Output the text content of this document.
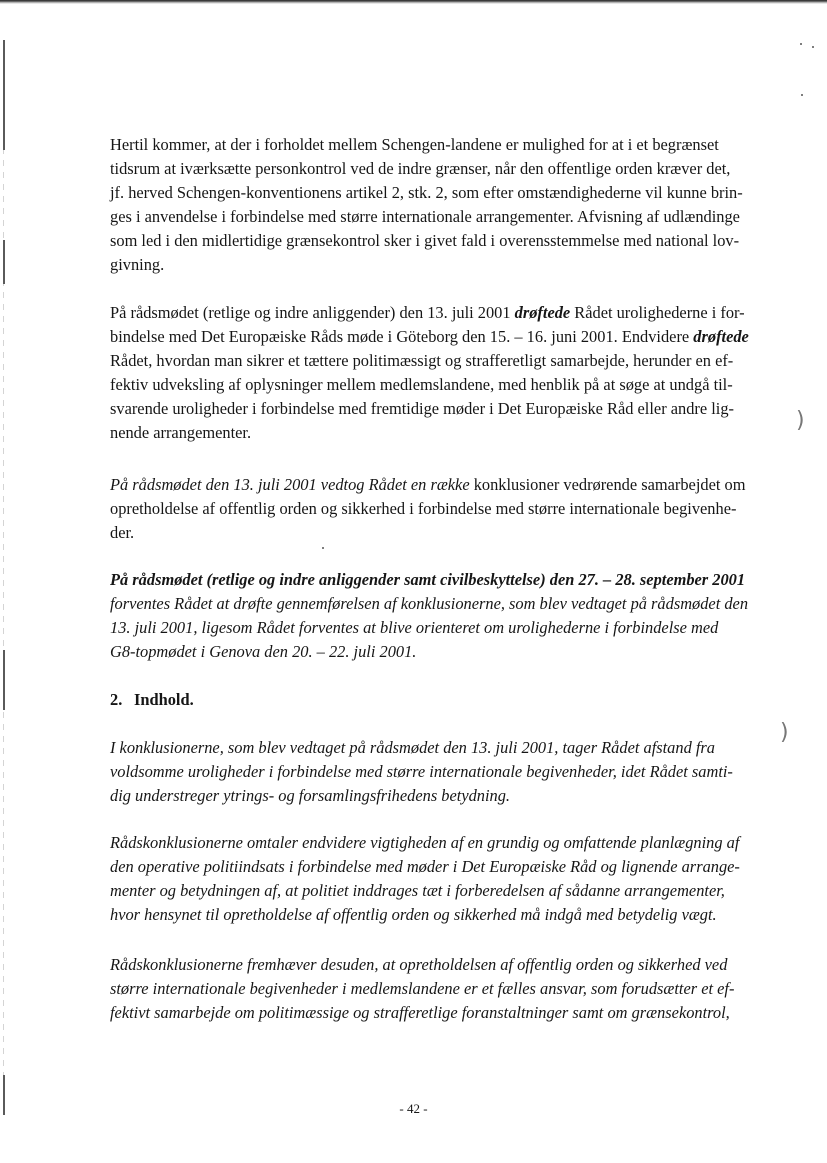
)
)

Hertil kommer, at der i forholdet mellem Schengen-landene er mulighed for at i et begrænset

tidsrum at iværksætte personkontrol ved de indre grænser, når den offentlige orden kræver det,

jf. herved Schengen-konventionens artikel 2, stk. 2, som efter omstændighederne vil kunne brin-

ges i anvendelse i forbindelse med større internationale arrangementer. Afvisning af udlændinge

som led i den midlertidige grænsekontrol sker i givet fald i overensstemmelse med national lov-

givning.

På rådsmødet (retlige og indre anliggender) den 13. juli 2001 drøftede Rådet urolighederne i for-

bindelse med Det Europæiske Råds møde i Göteborg den 15. – 16. juni 2001. Endvidere drøftede

Rådet, hvordan man sikrer et tættere politimæssigt og strafferetligt samarbejde, herunder en ef-

fektiv udveksling af oplysninger mellem medlemslandene, med henblik på at søge at undgå til-

svarende uroligheder i forbindelse med fremtidige møder i Det Europæiske Råd eller andre lig-

nende arrangementer.

På rådsmødet den 13. juli 2001 vedtog Rådet en række konklusioner vedrørende samarbejdet om

opretholdelse af offentlig orden og sikkerhed i forbindelse med større internationale begivenhe-

der.

På rådsmødet (retlige og indre anliggender samt civilbeskyttelse) den 27. – 28. september 2001

forventes Rådet at drøfte gennemførelsen af konklusionerne, som blev vedtaget på rådsmødet den

13. juli 2001, ligesom Rådet forventes at blive orienteret om urolighederne i forbindelse med

G8-topmødet i Genova den 20. – 22. juli 2001.

2. Indhold.

I konklusionerne, som blev vedtaget på rådsmødet den 13. juli 2001, tager Rådet afstand fra

voldsomme uroligheder i forbindelse med større internationale begivenheder, idet Rådet samti-

dig understreger ytrings- og forsamlingsfrihedens betydning.

Rådskonklusionerne omtaler endvidere vigtigheden af en grundig og omfattende planlægning af

den operative politiindsats i forbindelse med møder i Det Europæiske Råd og lignende arrange-

menter og betydningen af, at politiet inddrages tæt i forberedelsen af sådanne arrangementer,

hvor hensynet til opretholdelse af offentlig orden og sikkerhed må indgå med betydelig vægt.

Rådskonklusionerne fremhæver desuden, at opretholdelsen af offentlig orden og sikkerhed ved

større internationale begivenheder i medlemslandene er et fælles ansvar, som forudsætter et ef-

fektivt samarbejde om politimæssige og strafferetlige foranstaltninger samt om grænsekontrol,

- 42 -
